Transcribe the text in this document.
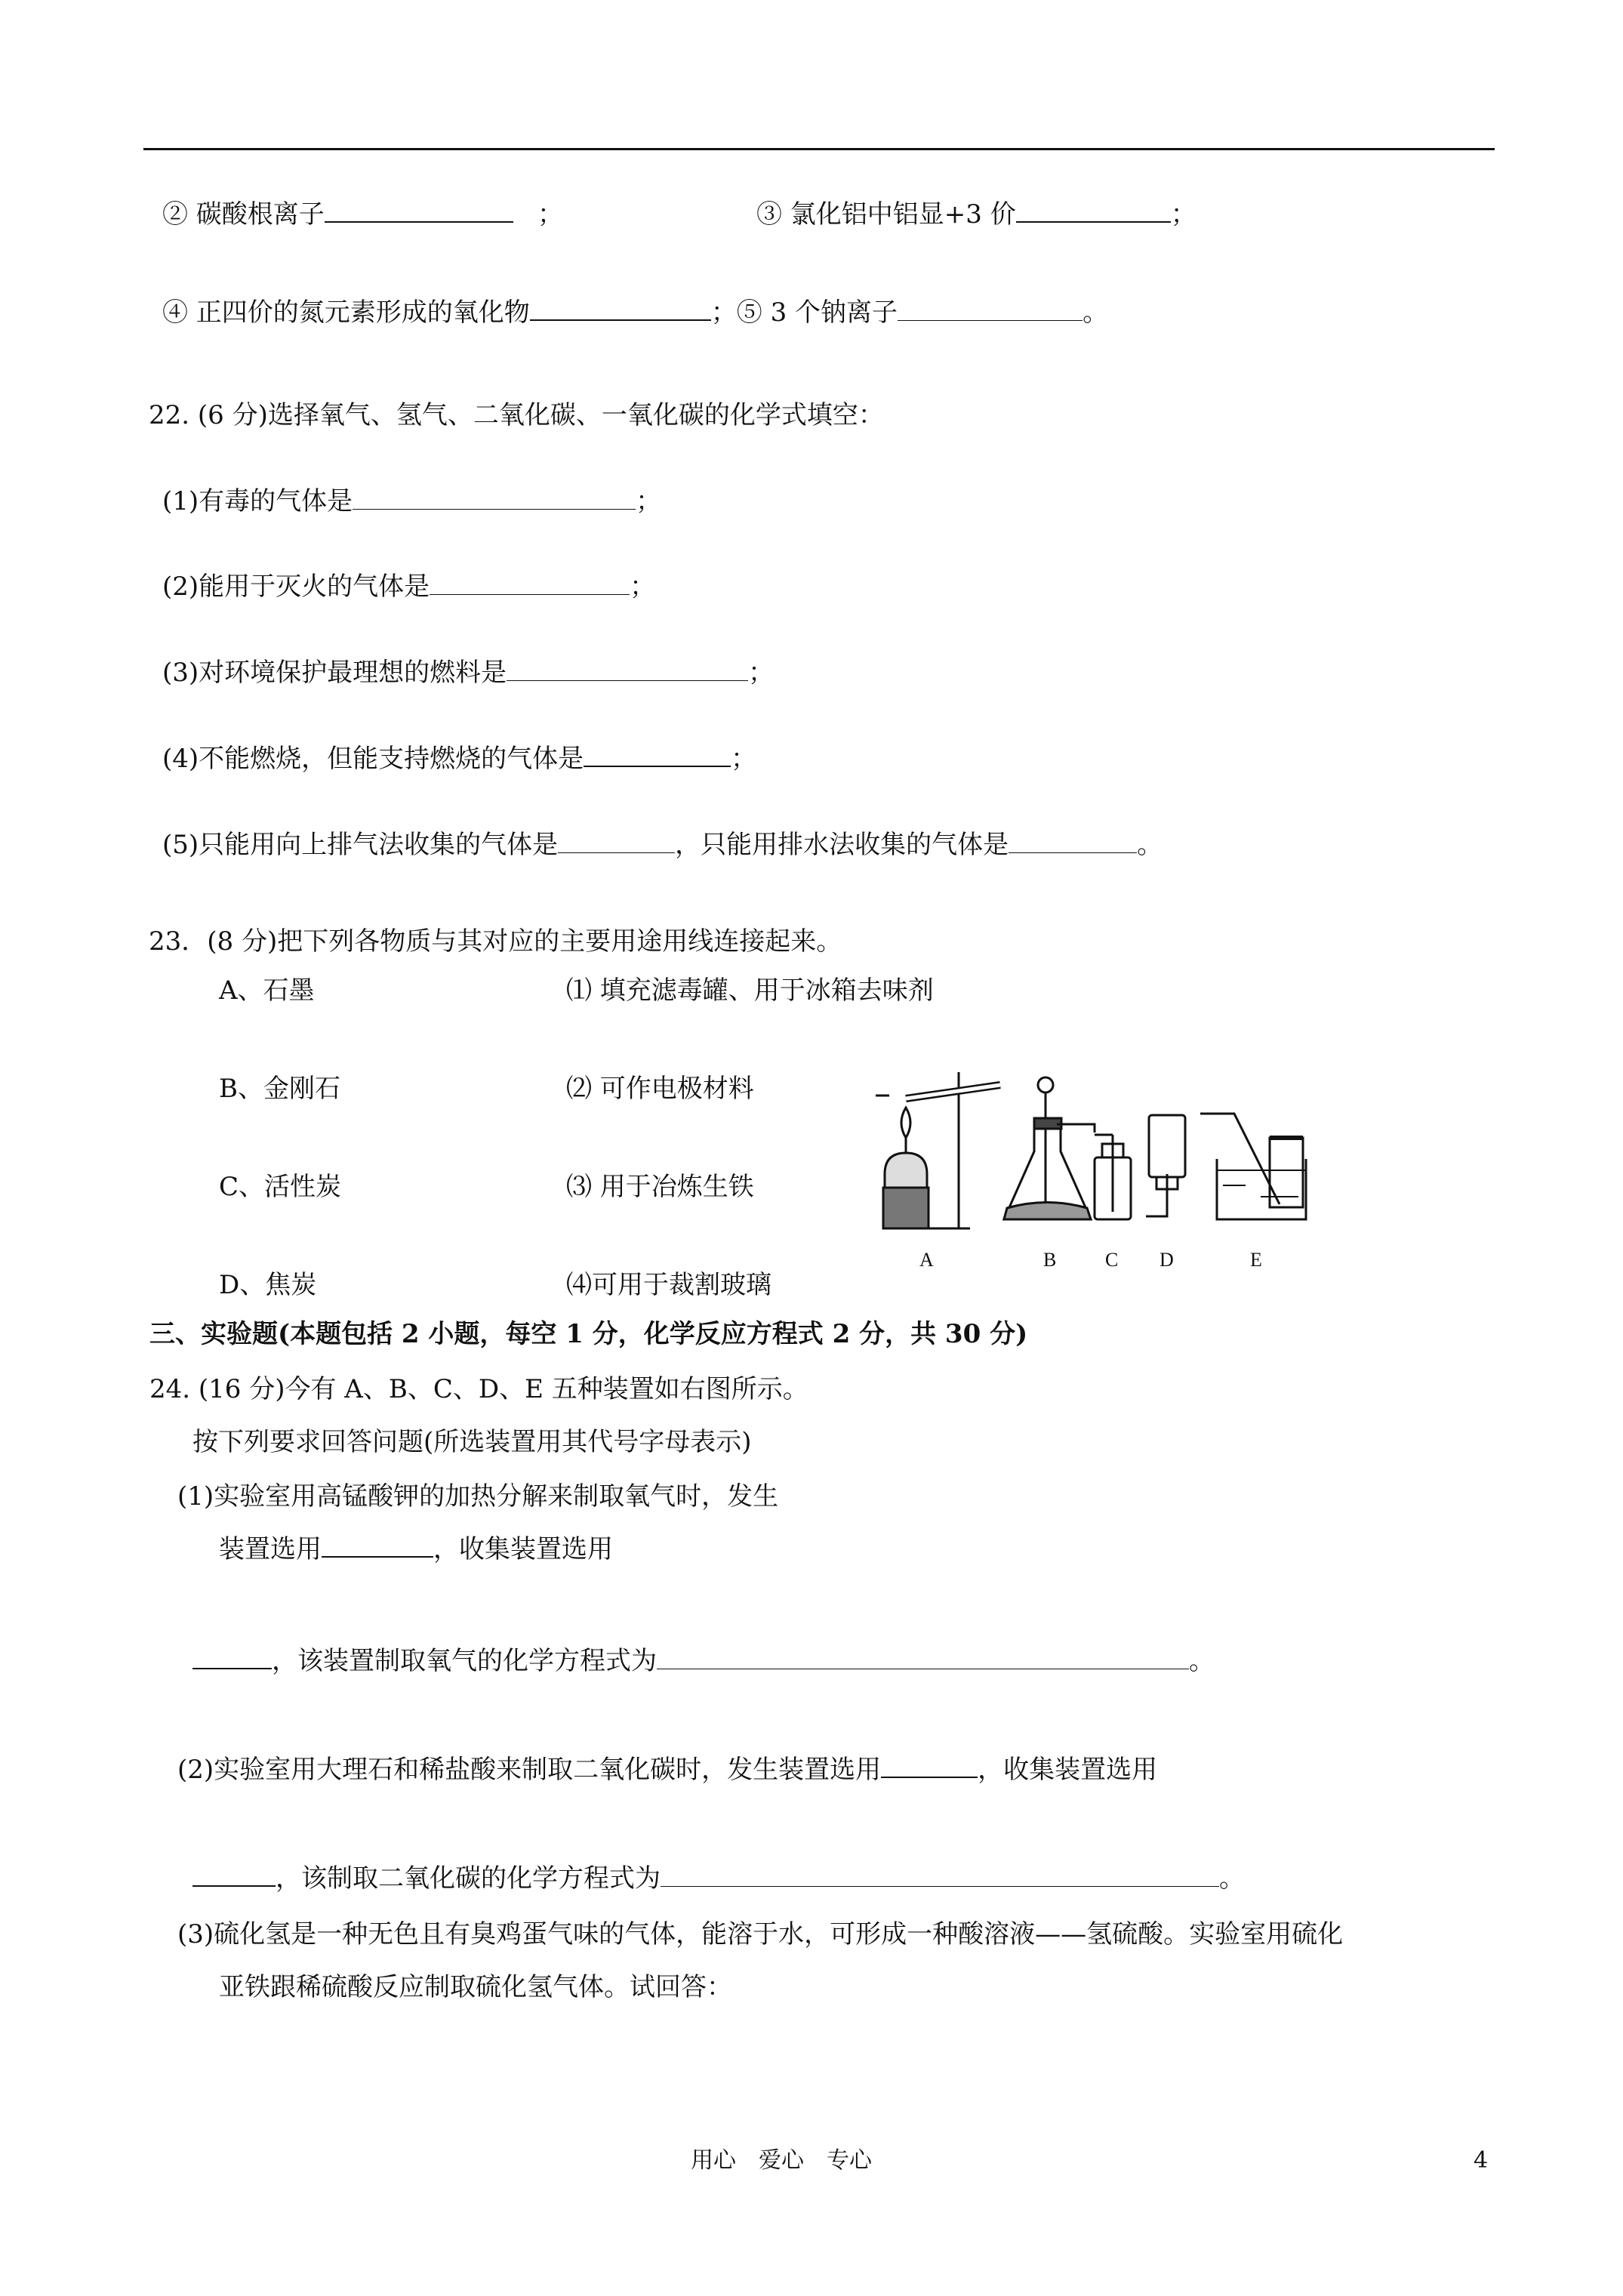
② 碳酸根离子	；	③ 氯化铝中铝显+3 价	；
④ 正四价的氮元素形成的氧化物	；⑤ 3 个钠离子	。
22. (6 分)选择氧气、氢气、二氧化碳、一氧化碳的化学式填空：
(1)有毒的气体是	；
(2)能用于灭火的气体是	；
(3)对环境保护最理想的燃料是	；
(4)不能燃烧，但能支持燃烧的气体是	；
(5)只能用向上排气法收集的气体是	，只能用排水法收集的气体是	。
23．(8 分)把下列各物质与其对应的主要用途用线连接起来。
A、石墨	⑴ 填充滤毒罐、用于冰箱去味剂
B、金刚石	⑵ 可作电极材料
C、活性炭	⑶ 用于冶炼生铁
D、焦炭	⑷可用于裁割玻璃
A	B C D	E
三、实验题(本题包括 2 小题，每空 1 分，化学反应方程式 2 分，共 30 分)
24. (16 分)今有 A、B、C、D、E 五种装置如右图所示。
按下列要求回答问题(所选装置用其代号字母表示)
(1)实验室用高锰酸钾的加热分解来制取氧气时，发生
装置选用	，收集装置选用
，该装置制取氧气的化学方程式为	。
(2)实验室用大理石和稀盐酸来制取二氧化碳时，发生装置选用	，收集装置选用
，该制取二氧化碳的化学方程式为	。
(3)硫化氢是一种无色且有臭鸡蛋气味的气体，能溶于水，可形成一种酸溶液——氢硫酸。实验室用硫化
亚铁跟稀硫酸反应制取硫化氢气体。试回答：
用心　爱心　专心	4
